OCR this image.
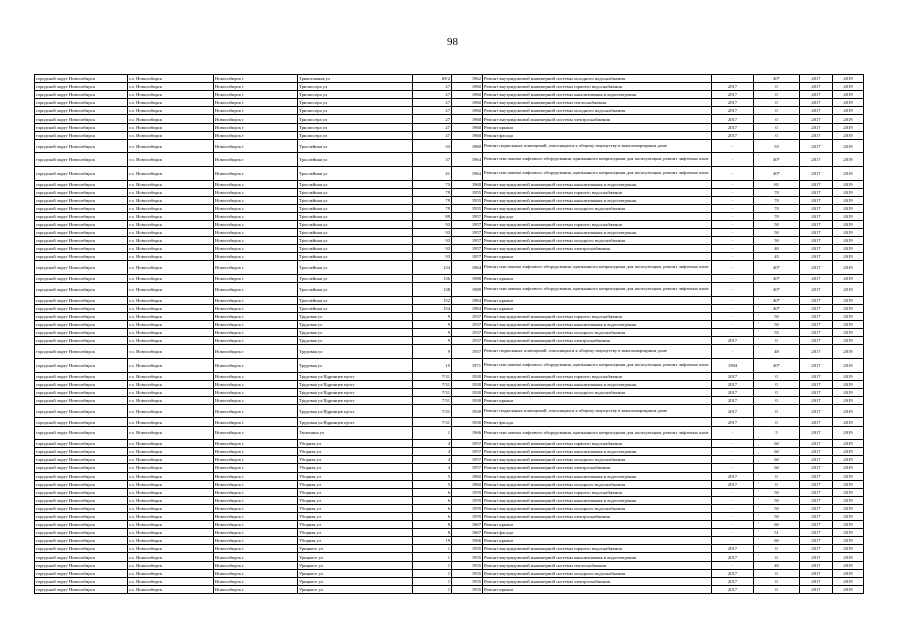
98
городской округ Новосибирск	г.о. Новосибирск	Новосибирск г	Трикотажная ул	69/2	1962	Ремонт внутридомовой инженерной системы холодного водоснабжения	-	40*	2017	2019
городской округ Новосибирск	г.о. Новосибирск	Новосибирск г	Трилиссера ул	27	1960	Ремонт внутридомовой инженерной системы горячего водоснабжения	2017	0	2017	2019
городской округ Новосибирск	г.о. Новосибирск	Новосибирск г	Трилиссера ул	27	1960	Ремонт внутридомовой инженерной системы канализования и водоотведения	2017	0	2017	2019
городской округ Новосибирск	г.о. Новосибирск	Новосибирск г	Трилиссера ул	27	1960	Ремонт внутридомовой инженерной системы теплоснабжения	2017	0	2017	2019
городской округ Новосибирск	г.о. Новосибирск	Новосибирск г	Трилиссера ул	27	1960	Ремонт внутридомовой инженерной системы холодного водоснабжения	2017	0	2017	2019
городской округ Новосибирск	г.о. Новосибирск	Новосибирск г	Трилиссера ул	27	1960	Ремонт внутридомовой инженерной системы электроснабжения	2017	0	2017	2019
городской округ Новосибирск	г.о. Новосибирск	Новосибирск г	Трилиссера ул	27	1960	Ремонт крыши	2017	0	2017	2019
городской округ Новосибирск	г.о. Новосибирск	Новосибирск г	Трилиссера ул	27	1960	Ремонт фасада	2017	0	2017	2019
городской округ Новосибирск	г.о. Новосибирск	Новосибирск г	Троллейная ул	33	1960	Ремонт подвальных помещений, относящихся к общему имуществу в многоквартирном доме	-	53	2017	2019
городской округ Новосибирск	г.о. Новосибирск	Новосибирск г	Троллейная ул	37	1964	Ремонт или замена лифтового оборудования, признанного непригодным для эксплуатации, ремонт лифтовых шахт	-	40*	2017	2019
городской округ Новосибирск	г.о. Новосибирск	Новосибирск г	Троллейная ул	41	1964	Ремонт или замена лифтового оборудования, признанного непригодным для эксплуатации, ремонт лифтовых шахт	-	40*	2017	2019
городской округ Новосибирск	г.о. Новосибирск	Новосибирск г	Троллейная ул	73	1960	Ремонт внутридомовой инженерной системы канализования и водоотведения	-	65	2017	2019
городской округ Новосибирск	г.о. Новосибирск	Новосибирск г	Троллейная ул	79	1955	Ремонт внутридомовой инженерной системы горячего водоснабжения	-	70	2017	2019
городской округ Новосибирск	г.о. Новосибирск	Новосибирск г	Троллейная ул	79	1955	Ремонт внутридомовой инженерной системы канализования и водоотведения	-	70	2017	2019
городской округ Новосибирск	г.о. Новосибирск	Новосибирск г	Троллейная ул	79	1955	Ремонт внутридомовой инженерной системы холодного водоснабжения	-	70	2017	2019
городской округ Новосибирск	г.о. Новосибирск	Новосибирск г	Троллейная ул	89	1957	Ремонт фасада	-	70	2017	2019
городской округ Новосибирск	г.о. Новосибирск	Новосибирск г	Троллейная ул	93	1957	Ремонт внутридомовой инженерной системы горячего водоснабжения	-	50	2017	2019
городской округ Новосибирск	г.о. Новосибирск	Новосибирск г	Троллейная ул	93	1957	Ремонт внутридомовой инженерной системы канализования и водоотведения	-	50	2017	2019
городской округ Новосибирск	г.о. Новосибирск	Новосибирск г	Троллейная ул	93	1957	Ремонт внутридомовой инженерной системы холодного водоснабжения	-	50	2017	2019
городской округ Новосибирск	г.о. Новосибирск	Новосибирск г	Троллейная ул	93	1957	Ремонт внутридомовой инженерной системы электроснабжения	-	40	2017	2019
городской округ Новосибирск	г.о. Новосибирск	Новосибирск г	Троллейная ул	93	1957	Ремонт крыши	-	45	2017	2019
городской округ Новосибирск	г.о. Новосибирск	Новосибирск г	Троллейная ул	134	1964	Ремонт или замена лифтового оборудования, признанного непригодным для эксплуатации, ремонт лифтовых шахт	-	40*	2017	2019
городской округ Новосибирск	г.о. Новосибирск	Новосибирск г	Троллейная ул	136	1988	Ремонт крыши	-	40*	2017	2019
городской округ Новосибирск	г.о. Новосибирск	Новосибирск г	Троллейная ул	138	1989	Ремонт или замена лифтового оборудования, признанного непригодным для эксплуатации, ремонт лифтовых шахт	-	40*	2017	2019
городской округ Новосибирск	г.о. Новосибирск	Новосибирск г	Троллейная ул	152	1984	Ремонт крыши	-	40*	2017	2019
городской округ Новосибирск	г.о. Новосибирск	Новосибирск г	Троллейная ул	154	1984	Ремонт крыши	-	40*	2017	2019
городской округ Новосибирск	г.о. Новосибирск	Новосибирск г	Трудовая ул	9	1937	Ремонт внутридомовой инженерной системы горячего водоснабжения	-	50	2017	2019
городской округ Новосибирск	г.о. Новосибирск	Новосибирск г	Трудовая ул	9	1937	Ремонт внутридомовой инженерной системы канализования и водоотведения	-	50	2017	2019
городской округ Новосибирск	г.о. Новосибирск	Новосибирск г	Трудовая ул	9	1937	Ремонт внутридомовой инженерной системы холодного водоснабжения	-	55	2017	2019
городской округ Новосибирск	г.о. Новосибирск	Новосибирск г	Трудовая ул	9	1937	Ремонт внутридомовой инженерной системы электроснабжения	2017	0	2017	2019
городской округ Новосибирск	г.о. Новосибирск	Новосибирск г	Трудовая ул	9	1937	Ремонт подвальных помещений, относящихся к общему имуществу в многоквартирном доме	-	48	2017	2019
городской округ Новосибирск	г.о. Новосибирск	Новосибирск г	Трудовая ул	15	1971	Ремонт или замена лифтового оборудования, признанного непригодным для эксплуатации, ремонт лифтовых шахт	1994	40*	2017	2019
городской округ Новосибирск	г.о. Новосибирск	Новосибирск г	Трудовая ул/Ядринцев пр-кт	7/31	1930	Ремонт внутридомовой инженерной системы горячего водоснабжения	2017	0	2017	2019
городской округ Новосибирск	г.о. Новосибирск	Новосибирск г	Трудовая ул/Ядринцев пр-кт	7/31	1930	Ремонт внутридомовой инженерной системы канализования и водоотведения	2017	0	2017	2019
городской округ Новосибирск	г.о. Новосибирск	Новосибирск г	Трудовая ул/Ядринцев пр-кт	7/31	1930	Ремонт внутридомовой инженерной системы холодного водоснабжения	2017	0	2017	2019
городской округ Новосибирск	г.о. Новосибирск	Новосибирск г	Трудовая ул/Ядринцев пр-кт	7/31	1930	Ремонт крыши	2017	0	2017	2019
городской округ Новосибирск	г.о. Новосибирск	Новосибирск г	Трудовая ул/Ядринцев пр-кт	7/31	1930	Ремонт подвальных помещений, относящихся к общему имуществу в многоквартирном доме	2017	0	2017	2019
городской округ Новосибирск	г.о. Новосибирск	Новосибирск г	Трудовая ул/Ядринцев пр-кт	7/31	1930	Ремонт фасада	2017	0	2017	2019
городской округ Новосибирск	г.о. Новосибирск	Новосибирск г	Тюленина ул	1	1966	Ремонт или замена лифтового оборудования, признанного непригодным для эксплуатации, ремонт лифтовых шахт	-	5	2017	2019
городской округ Новосибирск	г.о. Новосибирск	Новосибирск г	Уборная ул	4	1957	Ремонт внутридомовой инженерной системы горячего водоснабжения	-	60	2017	2019
городской округ Новосибирск	г.о. Новосибирск	Новосибирск г	Уборная ул	4	1957	Ремонт внутридомовой инженерной системы канализования и водоотведения	-	60	2017	2019
городской округ Новосибирск	г.о. Новосибирск	Новосибирск г	Уборная ул	4	1957	Ремонт внутридомовой инженерной системы холодного водоснабжения	-	60	2017	2019
городской округ Новосибирск	г.о. Новосибирск	Новосибирск г	Уборная ул	4	1957	Ремонт внутридомовой инженерной системы электроснабжения	-	60	2017	2019
городской округ Новосибирск	г.о. Новосибирск	Новосибирск г	Уборная ул	5	1960	Ремонт внутридомовой инженерной системы канализования и водоотведения	2017	0	2017	2019
городской округ Новосибирск	г.о. Новосибирск	Новосибирск г	Уборная ул	5	1960	Ремонт внутридомовой инженерной системы холодного водоснабжения	2017	0	2017	2019
городской округ Новосибирск	г.о. Новосибирск	Новосибирск г	Уборная ул	6	1959	Ремонт внутридомовой инженерной системы горячего водоснабжения	-	50	2017	2019
городской округ Новосибирск	г.о. Новосибирск	Новосибирск г	Уборная ул	6	1959	Ремонт внутридомовой инженерной системы канализования и водоотведения	-	50	2017	2019
городской округ Новосибирск	г.о. Новосибирск	Новосибирск г	Уборная ул	6	1959	Ремонт внутридомовой инженерной системы холодного водоснабжения	-	50	2017	2019
городской округ Новосибирск	г.о. Новосибирск	Новосибирск г	Уборная ул	6	1959	Ремонт внутридомовой инженерной системы электроснабжения	-	50	2017	2019
городской округ Новосибирск	г.о. Новосибирск	Новосибирск г	Уборная ул	8	1967	Ремонт крыши	-	60	2017	2019
городской округ Новосибирск	г.о. Новосибирск	Новосибирск г	Уборная ул	8	1967	Ремонт фасада	-	51	2017	2019
городской округ Новосибирск	г.о. Новосибирск	Новосибирск г	Уборная ул	19	1966	Ремонт крыши	-	60	2017	2019
городской округ Новосибирск	г.о. Новосибирск	Новосибирск г	Урицкого ул	1	1935	Ремонт внутридомовой инженерной системы горячего водоснабжения	2017	0	2017	2019
городской округ Новосибирск	г.о. Новосибирск	Новосибирск г	Урицкого ул	1	1935	Ремонт внутридомовой инженерной системы канализования и водоотведения	2017	0	2017	2019
городской округ Новосибирск	г.о. Новосибирск	Новосибирск г	Урицкого ул	1	1935	Ремонт внутридомовой инженерной системы теплоснабжения	-	40	2017	2019
городской округ Новосибирск	г.о. Новосибирск	Новосибирск г	Урицкого ул	1	1935	Ремонт внутридомовой инженерной системы холодного водоснабжения	2017	0	2017	2019
городской округ Новосибирск	г.о. Новосибирск	Новосибирск г	Урицкого ул	1	1935	Ремонт внутридомовой инженерной системы электроснабжения	2017	0	2017	2019
городской округ Новосибирск	г.о. Новосибирск	Новосибирск г	Урицкого ул	1	1935	Ремонт крыши	2017	0	2017	2019
